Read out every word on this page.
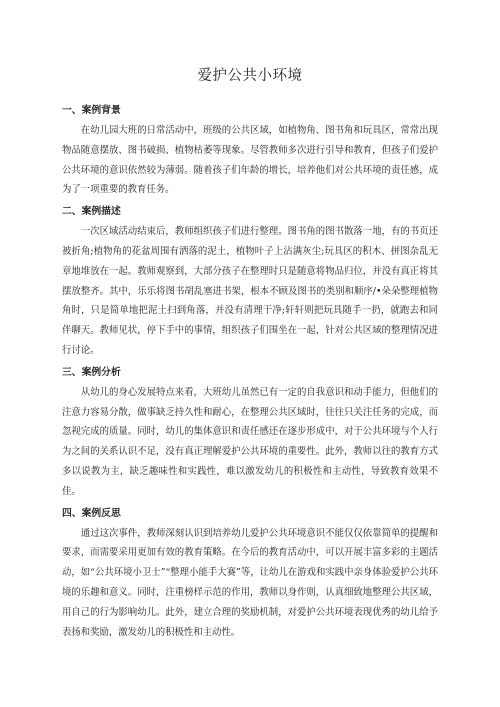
爱护公共小环境
一、案例背景

在幼儿园大班的日常活动中，班级的公共区域，如植物角、图书角和玩具区，常常出现物品随意摆放、图书破损、植物枯萎等现象。尽管教师多次进行引导和教育，但孩子们爱护公共环境的意识依然较为薄弱。随着孩子们年龄的增长，培养他们对公共环境的责任感，成为了一项重要的教育任务。

二、案例描述

一次区域活动结束后，教师组织孩子们进行整理。图书角的图书散落一地，有的书页还被折角;植物角的花盆周围有洒落的泥土，植物叶子上沾满灰尘;玩具区的积木、拼图杂乱无章地堆放在一起。教师观察到，大部分孩子在整理时只是随意将物品归位，并没有真正将其摆放整齐。其中，乐乐将图书胡乱塞进书架，根本不顾及图书的类别和顺序/•朵朵整理植物角时，只是简单地把泥土扫到角落，并没有清理干净;轩轩则把玩具随手一扔，就跑去和同伴聊天。教师见状，停下手中的事情，组织孩子们围坐在一起，针对公共区域的整理情况进行讨论。

三、案例分析

从幼儿的身心发展特点来看，大班幼儿虽然已有一定的自我意识和动手能力，但他们的注意力容易分散，做事缺乏持久性和耐心，在整理公共区域时，往往只关注任务的完成，而忽视完成的质量。同时，幼儿的集体意识和责任感还在逐步形成中，对于公共环境与个人行为之间的关系认识不足，没有真正理解爱护公共环境的重要性。此外，教师以往的教育方式多以说教为主，缺乏趣味性和实践性，难以激发幼儿的积极性和主动性，导致教育效果不佳。

四、案例反思

通过这次事件，教师深刻认识到培养幼儿爱护公共环境意识不能仅仅依靠简单的提醒和要求，而需要采用更加有效的教育策略。在今后的教育活动中，可以开展丰富多彩的主题活动，如“公共环境小卫士”“整理小能手大赛”等，让幼儿在游戏和实践中亲身体验爱护公共环境的乐趣和意义。同时，注重榜样示范的作用，教师以身作则，认真细致地整理公共区域，用自己的行为影响幼儿。此外，建立合理的奖励机制，对爱护公共环境表现优秀的幼儿给予表扬和奖励，激发幼儿的积极性和主动性。
